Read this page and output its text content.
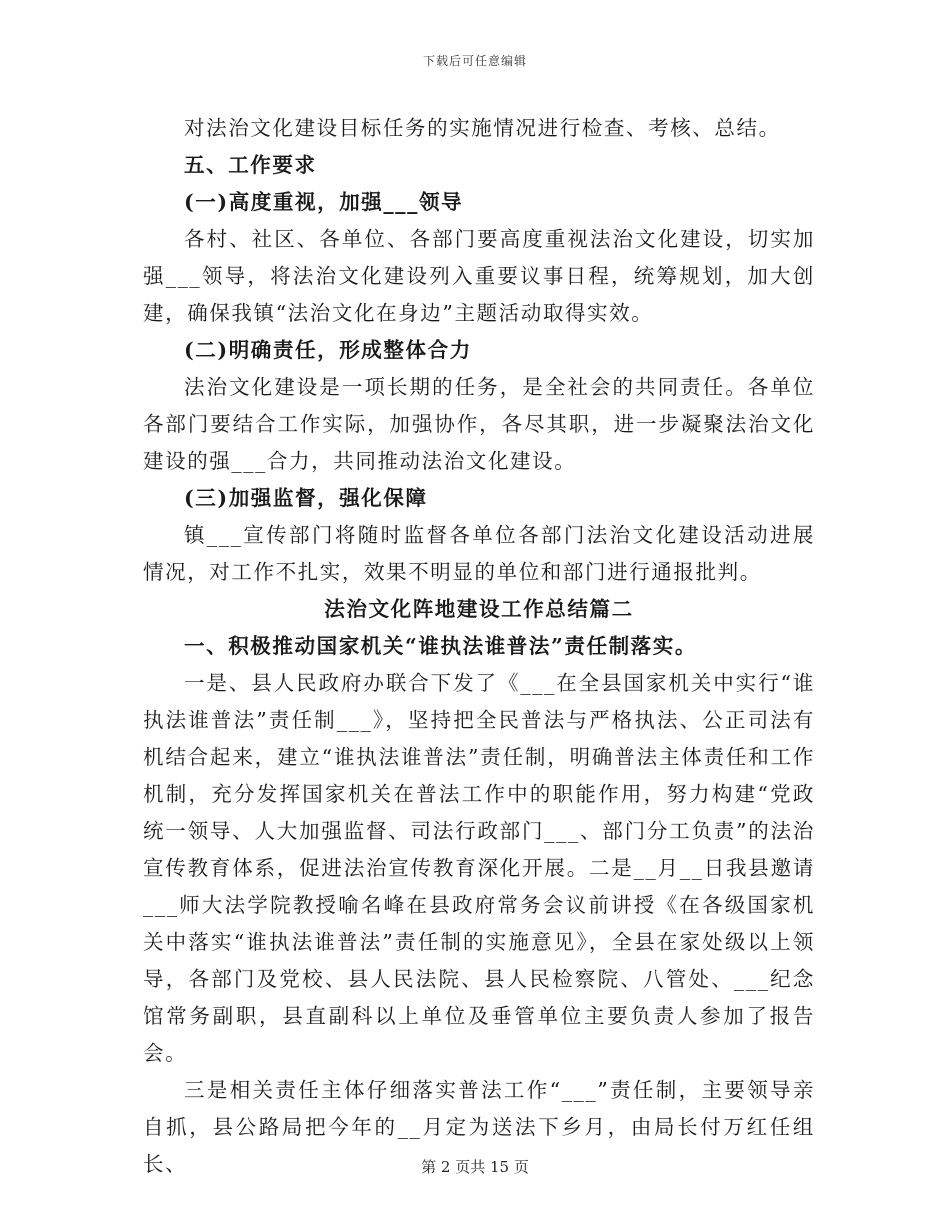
下载后可任意编辑

对法治文化建设目标任务的实施情况进行检查、考核、总结。

五、工作要求

(一)高度重视，加强___领导

各村、社区、各单位、各部门要高度重视法治文化建设，切实加强___领导，将法治文化建设列入重要议事日程，统筹规划，加大创建，确保我镇“法治文化在身边”主题活动取得实效。

(二)明确责任，形成整体合力

法治文化建设是一项长期的任务，是全社会的共同责任。各单位各部门要结合工作实际，加强协作，各尽其职，进一步凝聚法治文化建设的强___合力，共同推动法治文化建设。

(三)加强监督，强化保障

镇___宣传部门将随时监督各单位各部门法治文化建设活动进展情况，对工作不扎实，效果不明显的单位和部门进行通报批判。

法治文化阵地建设工作总结篇二

一、积极推动国家机关“谁执法谁普法”责任制落实。

一是、县人民政府办联合下发了《___在全县国家机关中实行“谁执法谁普法”责任制___》，坚持把全民普法与严格执法、公正司法有机结合起来，建立“谁执法谁普法”责任制，明确普法主体责任和工作机制，充分发挥国家机关在普法工作中的职能作用，努力构建“党政统一领导、人大加强监督、司法行政部门___、部门分工负责”的法治宣传教育体系，促进法治宣传教育深化开展。二是__月__日我县邀请___师大法学院教授喻名峰在县政府常务会议前讲授《在各级国家机关中落实“谁执法谁普法”责任制的实施意见》，全县在家处级以上领导，各部门及党校、县人民法院、县人民检察院、八管处、___纪念馆常务副职，县直副科以上单位及垂管单位主要负责人参加了报告会。

三是相关责任主体仔细落实普法工作“___”责任制，主要领导亲自抓，县公路局把今年的__月定为送法下乡月，由局长付万红任组长、	第 2 页共 15 页
